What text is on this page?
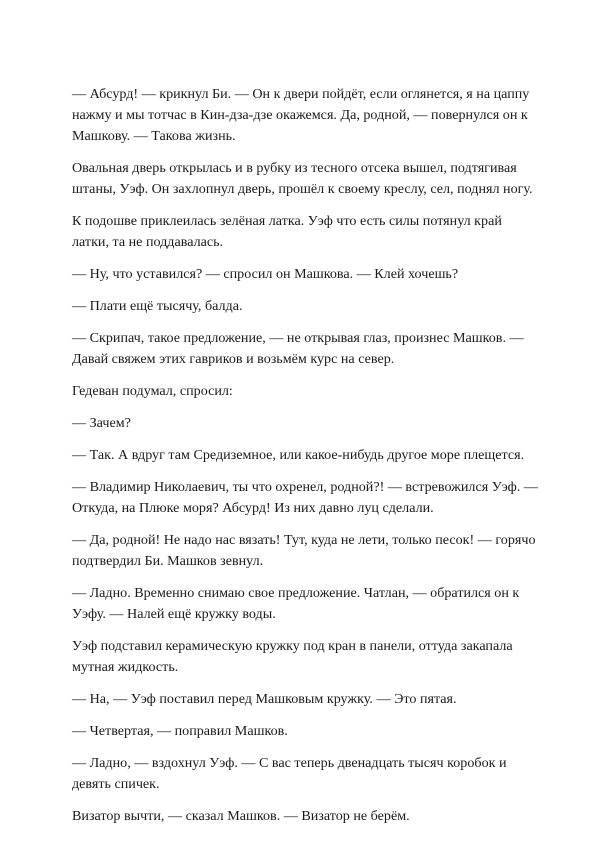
— Абсурд! — крикнул Би. — Он к двери пойдёт, если оглянется, я на цаппу
нажму и мы тотчас в Кин-дза-дзе окажемся. Да, родной, — повернулся он к
Машкову. — Такова жизнь.

Овальная дверь открылась и в рубку из тесного отсека вышел, подтягивая
штаны, Уэф. Он захлопнул дверь, прошёл к своему креслу, сел, поднял ногу.

К подошве приклеилась зелёная латка. Уэф что есть силы потянул край
латки, та не поддавалась.

— Ну, что уставился? — спросил он Машкова. — Клей хочешь?

— Плати ещё тысячу, балда.

— Скрипач, такое предложение, — не открывая глаз, произнес Машков. —
Давай свяжем этих гавриков и возьмём курс на север.

Гедеван подумал, спросил:

— Зачем?

— Так. А вдруг там Средиземное, или какое-нибудь другое море плещется.

— Владимир Николаевич, ты что охренел, родной?! — встревожился Уэф. —
Откуда, на Плюке моря? Абсурд! Из них давно луц сделали.

— Да, родной! Не надо нас вязать! Тут, куда не лети, только песок! — горячо
подтвердил Би. Машков зевнул.

— Ладно. Временно снимаю свое предложение. Чатлан, — обратился он к
Уэфу. — Налей ещё кружку воды.

Уэф подставил керамическую кружку под кран в панели, оттуда закапала
мутная жидкость.

— На, — Уэф поставил перед Машковым кружку. — Это пятая.

— Четвертая, — поправил Машков.

— Ладно, — вздохнул Уэф. — С вас теперь двенадцать тысяч коробок и
девять спичек.

Визатор вычти, — сказал Машков. — Визатор не берём.
